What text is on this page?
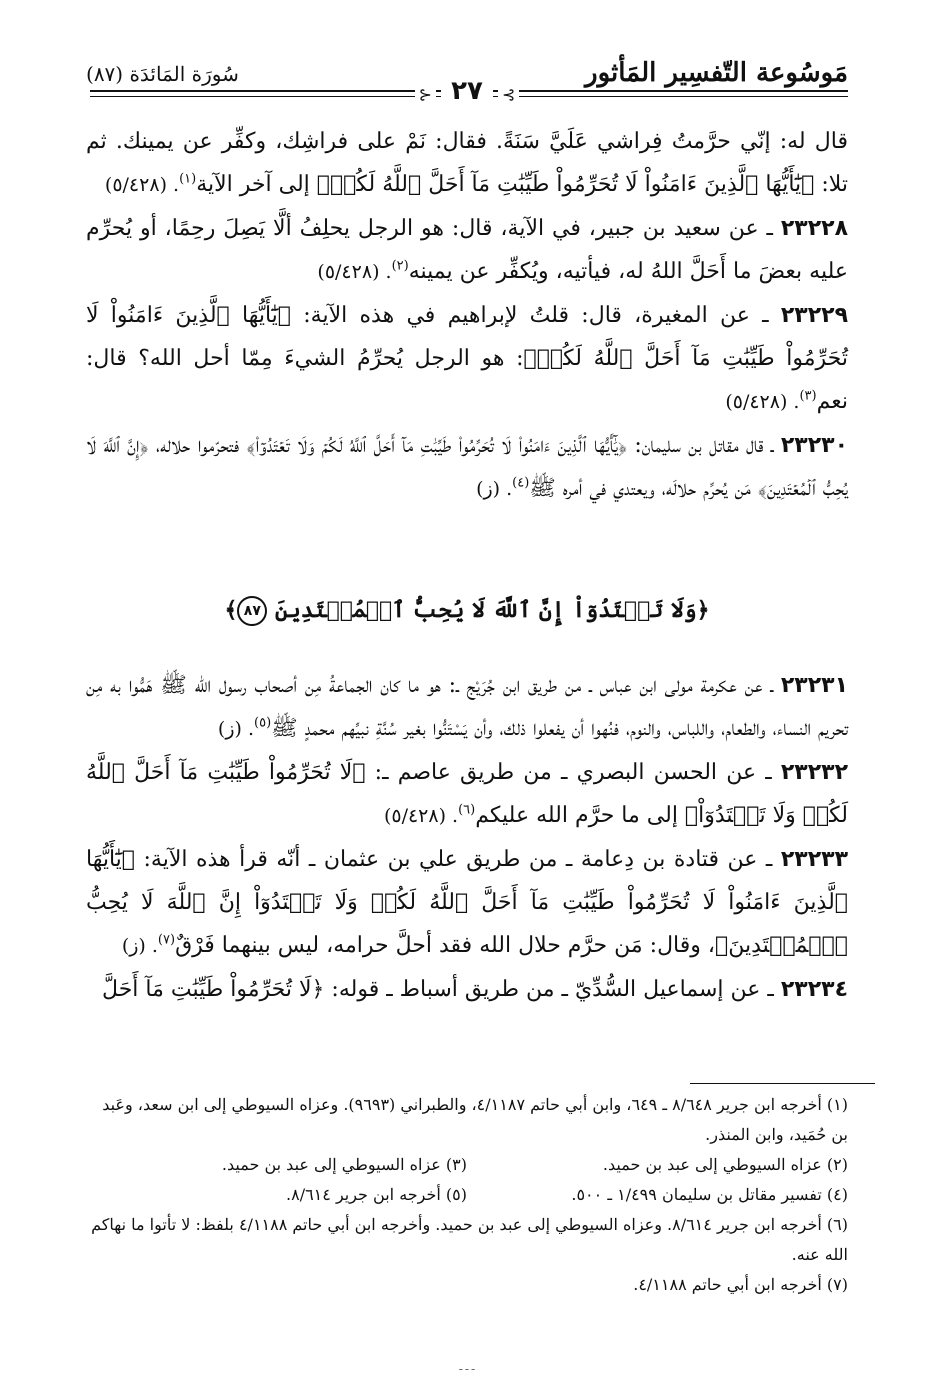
مَوسُوعة التّفسِير المَأثور
سُورَة المَائدَة (٨٧)
⊱ ٢٧ ⊰

قال له: إنّي حرَّمتُ فِراشي عَلَيَّ سَنَةً. فقال: نَمْ على فراشِك، وكفِّر عن يمينك. ثم تلا: ﴿يَٰٓأَيُّهَا ٱلَّذِينَ ءَامَنُواْ لَا تُحَرِّمُواْ طَيِّبَٰتِ مَآ أَحَلَّ ٱللَّهُ لَكُمۡ﴾ إلى آخر الآية$^{(١)}$. (٥/٤٢٨)

٢٣٢٢٨ ـ عن سعيد بن جبير، في الآية، قال: هو الرجل يحلِفُ ألَّا يَصِلَ رحِمًا، أو يُحرِّم عليه بعضَ ما أَحَلَّ اللهُ له، فيأتيه، ويُكفِّر عن يمينه$^{(٢)}$. (٥/٤٢٨)

٢٣٢٢٩ ـ عن المغيرة، قال: قلتُ لإبراهيم في هذه الآية: ﴿يَٰٓأَيُّهَا ٱلَّذِينَ ءَامَنُواْ لَا تُحَرِّمُواْ طَيِّبَٰتِ مَآ أَحَلَّ ٱللَّهُ لَكُمۡ﴾: هو الرجل يُحرِّمُ الشيءَ مِمّا أحل الله؟ قال: نعم$^{(٣)}$. (٥/٤٢٨)

٢٣٢٣٠ ـ قال مقاتل بن سليمان: ﴿يَٰٓأَيُّهَا ٱلَّذِينَ ءَامَنُواْ لَا تُحَرِّمُواْ طَيِّبَٰتِ مَآ أَحَلَّ ٱللَّهُ لَكُمۡ وَلَا تَعۡتَدُوٓاْ﴾ فتحرّموا حلاله، ﴿إِنَّ ٱللَّهَ لَا يُحِبُّ ٱلۡمُعۡتَدِينَ﴾ مَن يُحرِّم حلالَه، ويعتدي في أمره ﷺ$^{(٤)}$. (ز)

﴿وَلَا تَعۡتَدُوٓاْ إِنَّ ٱللَّهَ لَا يُحِبُّ ٱلۡمُعۡتَدِينَ ٨٧﴾

٢٣٢٣١ ـ عن عكرمة مولى ابن عباس ـ من طريق ابن جُرَيْج ـ: هو ما كان الجماعةُ مِن أصحاب رسول الله ﷺ هَمُّوا به مِن تحريم النساء، والطعام، واللباس، والنوم، فنُهوا أن يفعلوا ذلك، وأن يَسْتَنُّوا بغير سُنَّةِ نبيِّهم محمدٍ ﷺ$^{(٥)}$. (ز)

٢٣٢٣٢ ـ عن الحسن البصري ـ من طريق عاصم ـ: ﴿لَا تُحَرِّمُواْ طَيِّبَٰتِ مَآ أَحَلَّ ٱللَّهُ لَكُمۡ وَلَا تَعۡتَدُوٓاْ﴾ إلى ما حرَّم الله عليكم$^{(٦)}$. (٥/٤٢٨)

٢٣٢٣٣ ـ عن قتادة بن دِعامة ـ من طريق علي بن عثمان ـ أنّه قرأ هذه الآية: ﴿يَٰٓأَيُّهَا ٱلَّذِينَ ءَامَنُواْ لَا تُحَرِّمُواْ طَيِّبَٰتِ مَآ أَحَلَّ ٱللَّهُ لَكُمۡ وَلَا تَعۡتَدُوٓاْ إِنَّ ٱللَّهَ لَا يُحِبُّ ٱلۡمُعۡتَدِينَ﴾، وقال: مَن حرَّم حلال الله فقد أحلَّ حرامه، ليس بينهما فَرْقٌ$^{(٧)}$. (ز)

٢٣٢٣٤ ـ عن إسماعيل السُّدِّيّ ـ من طريق أسباط ـ قوله: ﴿لَا تُحَرِّمُواْ طَيِّبَٰتِ مَآ أَحَلَّ

(١) أخرجه ابن جرير ٨/٦٤٨ ـ ٦٤٩، وابن أبي حاتم ٤/١١٨٧، والطبراني (٩٦٩٣). وعزاه السيوطي إلى ابن سعد، وعَبد بن حُمَيد، وابن المنذر.

(٢) عزاه السيوطي إلى عبد بن حميد.

(٣) عزاه السيوطي إلى عبد بن حميد.

(٤) تفسير مقاتل بن سليمان ١/٤٩٩ ـ ٥٠٠.

(٥) أخرجه ابن جرير ٨/٦١٤.

(٦) أخرجه ابن جرير ٨/٦١٤. وعزاه السيوطي إلى عبد بن حميد. وأخرجه ابن أبي حاتم ٤/١١٨٨ بلفظ: لا تأتوا ما نهاكم الله عنه.

(٧) أخرجه ابن أبي حاتم ٤/١١٨٨.

ـ ـ ـ
